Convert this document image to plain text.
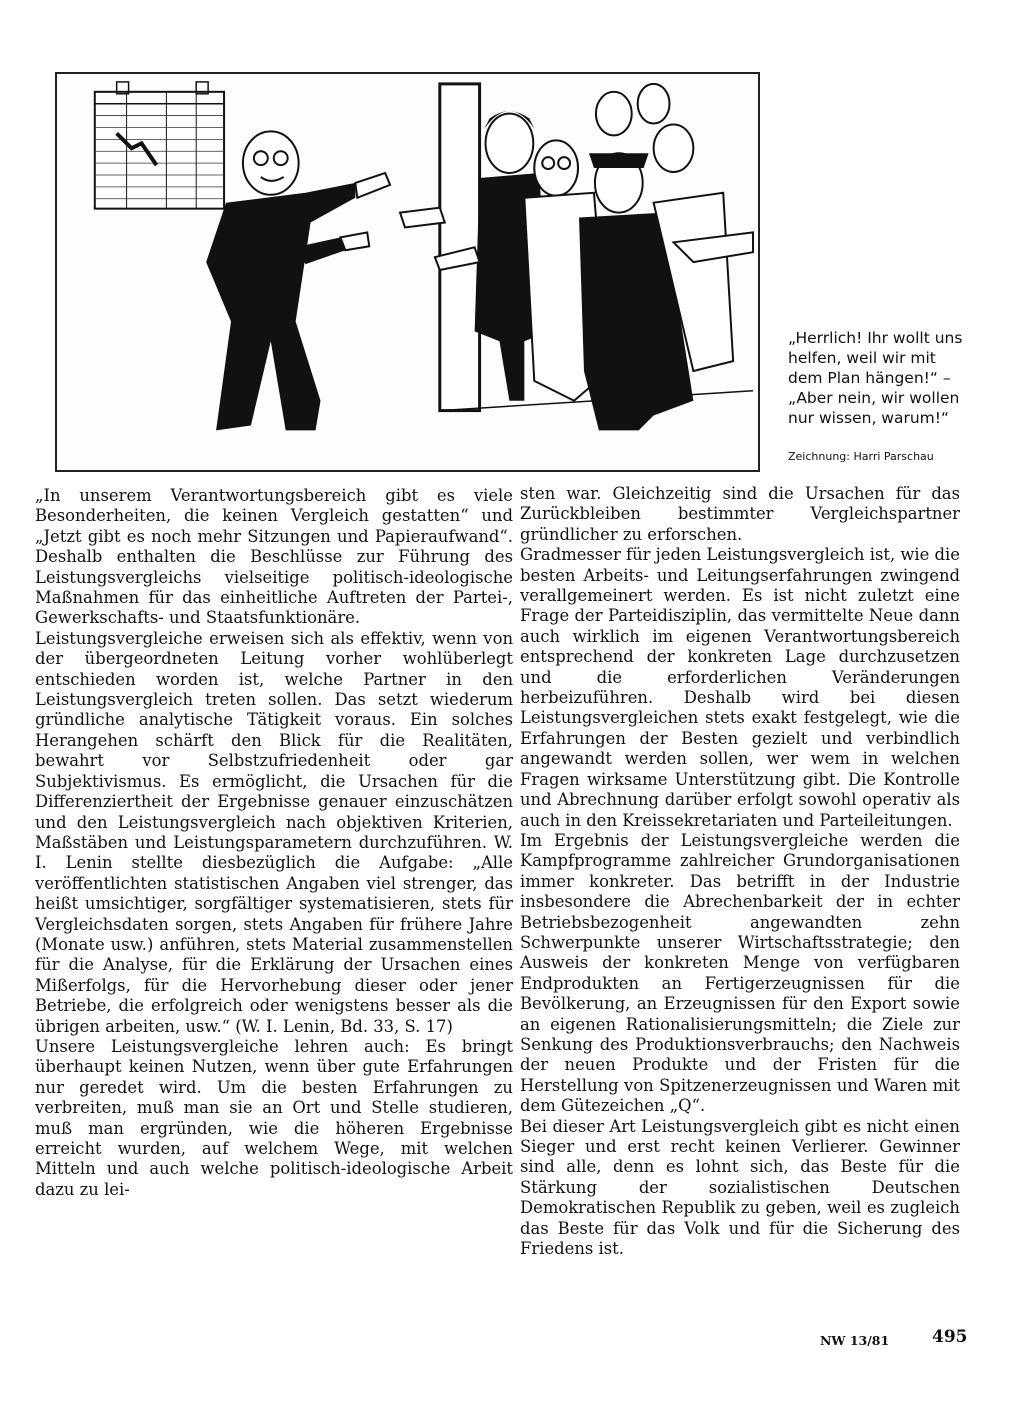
„Herrlich! Ihr wollt uns helfen, weil wir mit dem Plan hängen!“ –

„Aber nein, wir wollen nur wissen, warum!“

Zeichnung: Harri Parschau

„In unserem Verantwortungsbereich gibt es viele Besonderheiten, die keinen Vergleich gestatten“ und „Jetzt gibt es noch mehr Sitzungen und Papieraufwand“. Deshalb enthalten die Beschlüsse zur Führung des Leistungsvergleichs vielseitige politisch-ideologische Maßnahmen für das einheitliche Auftreten der Partei-, Gewerkschafts- und Staatsfunktionäre.

Leistungsvergleiche erweisen sich als effektiv, wenn von der übergeordneten Leitung vorher wohlüberlegt entschieden worden ist, welche Partner in den Leistungsvergleich treten sollen. Das setzt wiederum gründliche analytische Tätigkeit voraus. Ein solches Herangehen schärft den Blick für die Realitäten, bewahrt vor Selbstzufriedenheit oder gar Subjektivismus. Es ermöglicht, die Ursachen für die Differenziertheit der Ergebnisse genauer einzuschätzen und den Leistungsvergleich nach objektiven Kriterien, Maßstäben und Leistungsparametern durchzuführen. W. I. Lenin stellte diesbezüglich die Aufgabe: „Alle veröffentlichten statistischen Angaben viel strenger, das heißt umsichtiger, sorgfältiger systematisieren, stets für Vergleichsdaten sorgen, stets Angaben für frühere Jahre (Monate usw.) anführen, stets Material zusammenstellen für die Analyse, für die Erklärung der Ursachen eines Mißerfolgs, für die Hervorhebung dieser oder jener Betriebe, die erfolgreich oder wenigstens besser als die übrigen arbeiten, usw.“ (W. I. Lenin, Bd. 33, S. 17)

Unsere Leistungsvergleiche lehren auch: Es bringt überhaupt keinen Nutzen, wenn über gute Erfahrungen nur geredet wird. Um die besten Erfahrungen zu verbreiten, muß man sie an Ort und Stelle studieren, muß man ergründen, wie die höheren Ergebnisse erreicht wurden, auf welchem Wege, mit welchen Mitteln und auch welche politisch-ideologische Arbeit dazu zu lei-

sten war. Gleichzeitig sind die Ursachen für das Zurückbleiben bestimmter Vergleichspartner gründlicher zu erforschen.

Gradmesser für jeden Leistungsvergleich ist, wie die besten Arbeits- und Leitungserfahrungen zwingend verallgemeinert werden. Es ist nicht zuletzt eine Frage der Parteidisziplin, das vermittelte Neue dann auch wirklich im eigenen Verantwortungsbereich entsprechend der konkreten Lage durchzusetzen und die erforderlichen Veränderungen herbeizuführen. Deshalb wird bei diesen Leistungsvergleichen stets exakt festgelegt, wie die Erfahrungen der Besten gezielt und verbindlich angewandt werden sollen, wer wem in welchen Fragen wirksame Unterstützung gibt. Die Kontrolle und Abrechnung darüber erfolgt sowohl operativ als auch in den Kreissekretariaten und Parteileitungen.

Im Ergebnis der Leistungsvergleiche werden die Kampfprogramme zahlreicher Grundorganisationen immer konkreter. Das betrifft in der Industrie insbesondere die Abrechenbarkeit der in echter Betriebsbezogenheit angewandten zehn Schwerpunkte unserer Wirtschaftsstrategie; den Ausweis der konkreten Menge von verfügbaren Endprodukten an Fertigerzeugnissen für die Bevölkerung, an Erzeugnissen für den Export sowie an eigenen Rationalisierungsmitteln; die Ziele zur Senkung des Produktionsverbrauchs; den Nachweis der neuen Produkte und der Fristen für die Herstellung von Spitzenerzeugnissen und Waren mit dem Gütezeichen „Q“.

Bei dieser Art Leistungsvergleich gibt es nicht einen Sieger und erst recht keinen Verlierer. Gewinner sind alle, denn es lohnt sich, das Beste für die Stärkung der sozialistischen Deutschen Demokratischen Republik zu geben, weil es zugleich das Beste für das Volk und für die Sicherung des Friedens ist.

NW 13/81	495
